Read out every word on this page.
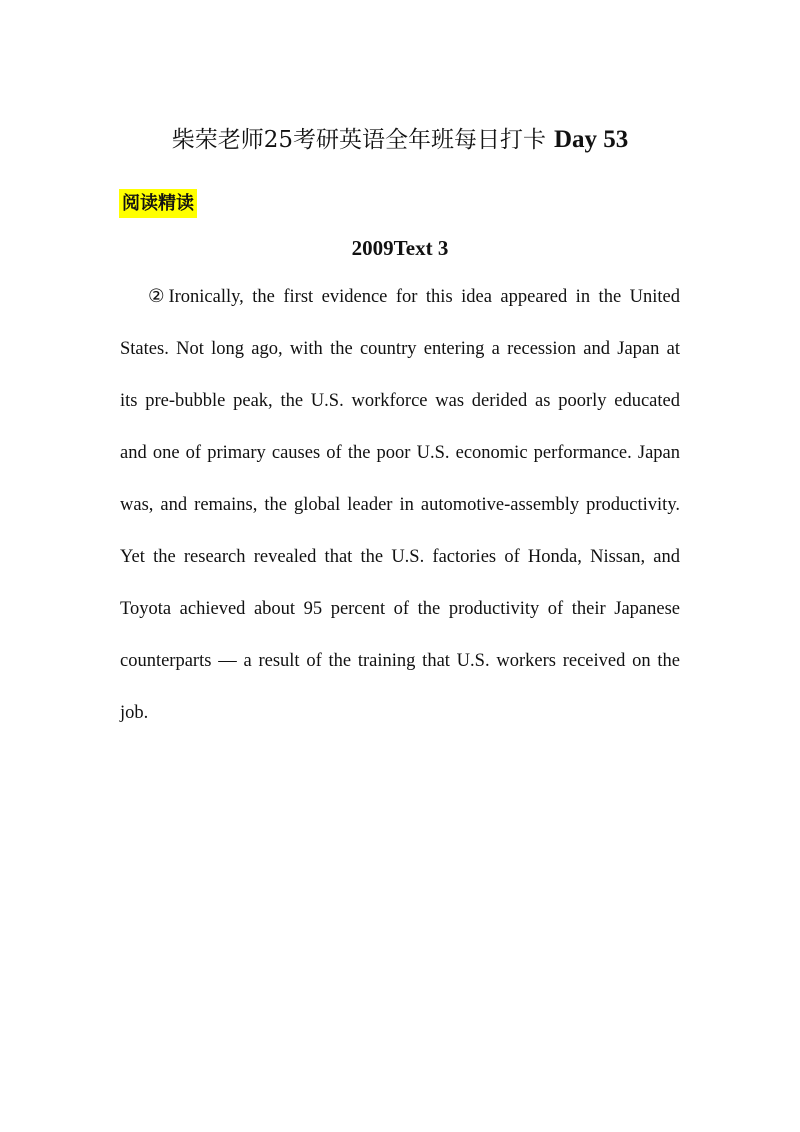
柴荣老师25考研英语全年班每日打卡 Day 53
阅读精读
2009Text 3
②Ironically, the first evidence for this idea appeared in the United
States. Not long ago, with the country entering a recession and Japan at
its pre-bubble peak, the U.S. workforce was derided as poorly educated
and one of primary causes of the poor U.S. economic performance. Japan
was, and remains, the global leader in automotive-assembly productivity.
Yet the research revealed that the U.S. factories of Honda, Nissan, and
Toyota achieved about 95 percent of the productivity of their Japanese
counterparts — a result of the training that U.S. workers received on the
job.
